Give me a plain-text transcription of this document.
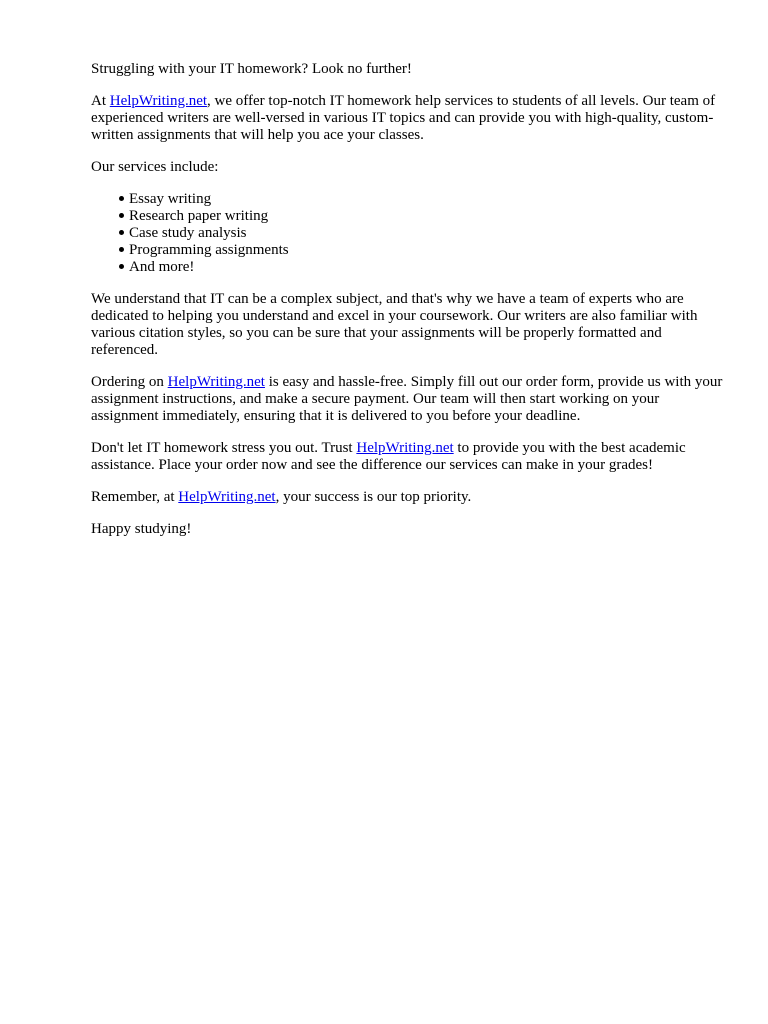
Struggling with your IT homework? Look no further!

At HelpWriting.net, we offer top-notch IT homework help services to students of all levels. Our team of experienced writers are well-versed in various IT topics and can provide you with high-quality, custom-written assignments that will help you ace your classes.

Our services include:

Essay writing
Research paper writing
Case study analysis
Programming assignments
And more!

We understand that IT can be a complex subject, and that's why we have a team of experts who are dedicated to helping you understand and excel in your coursework. Our writers are also familiar with various citation styles, so you can be sure that your assignments will be properly formatted and referenced.

Ordering on HelpWriting.net is easy and hassle-free. Simply fill out our order form, provide us with your assignment instructions, and make a secure payment. Our team will then start working on your assignment immediately, ensuring that it is delivered to you before your deadline.

Don't let IT homework stress you out. Trust HelpWriting.net to provide you with the best academic assistance. Place your order now and see the difference our services can make in your grades!

Remember, at HelpWriting.net, your success is our top priority.

Happy studying!
